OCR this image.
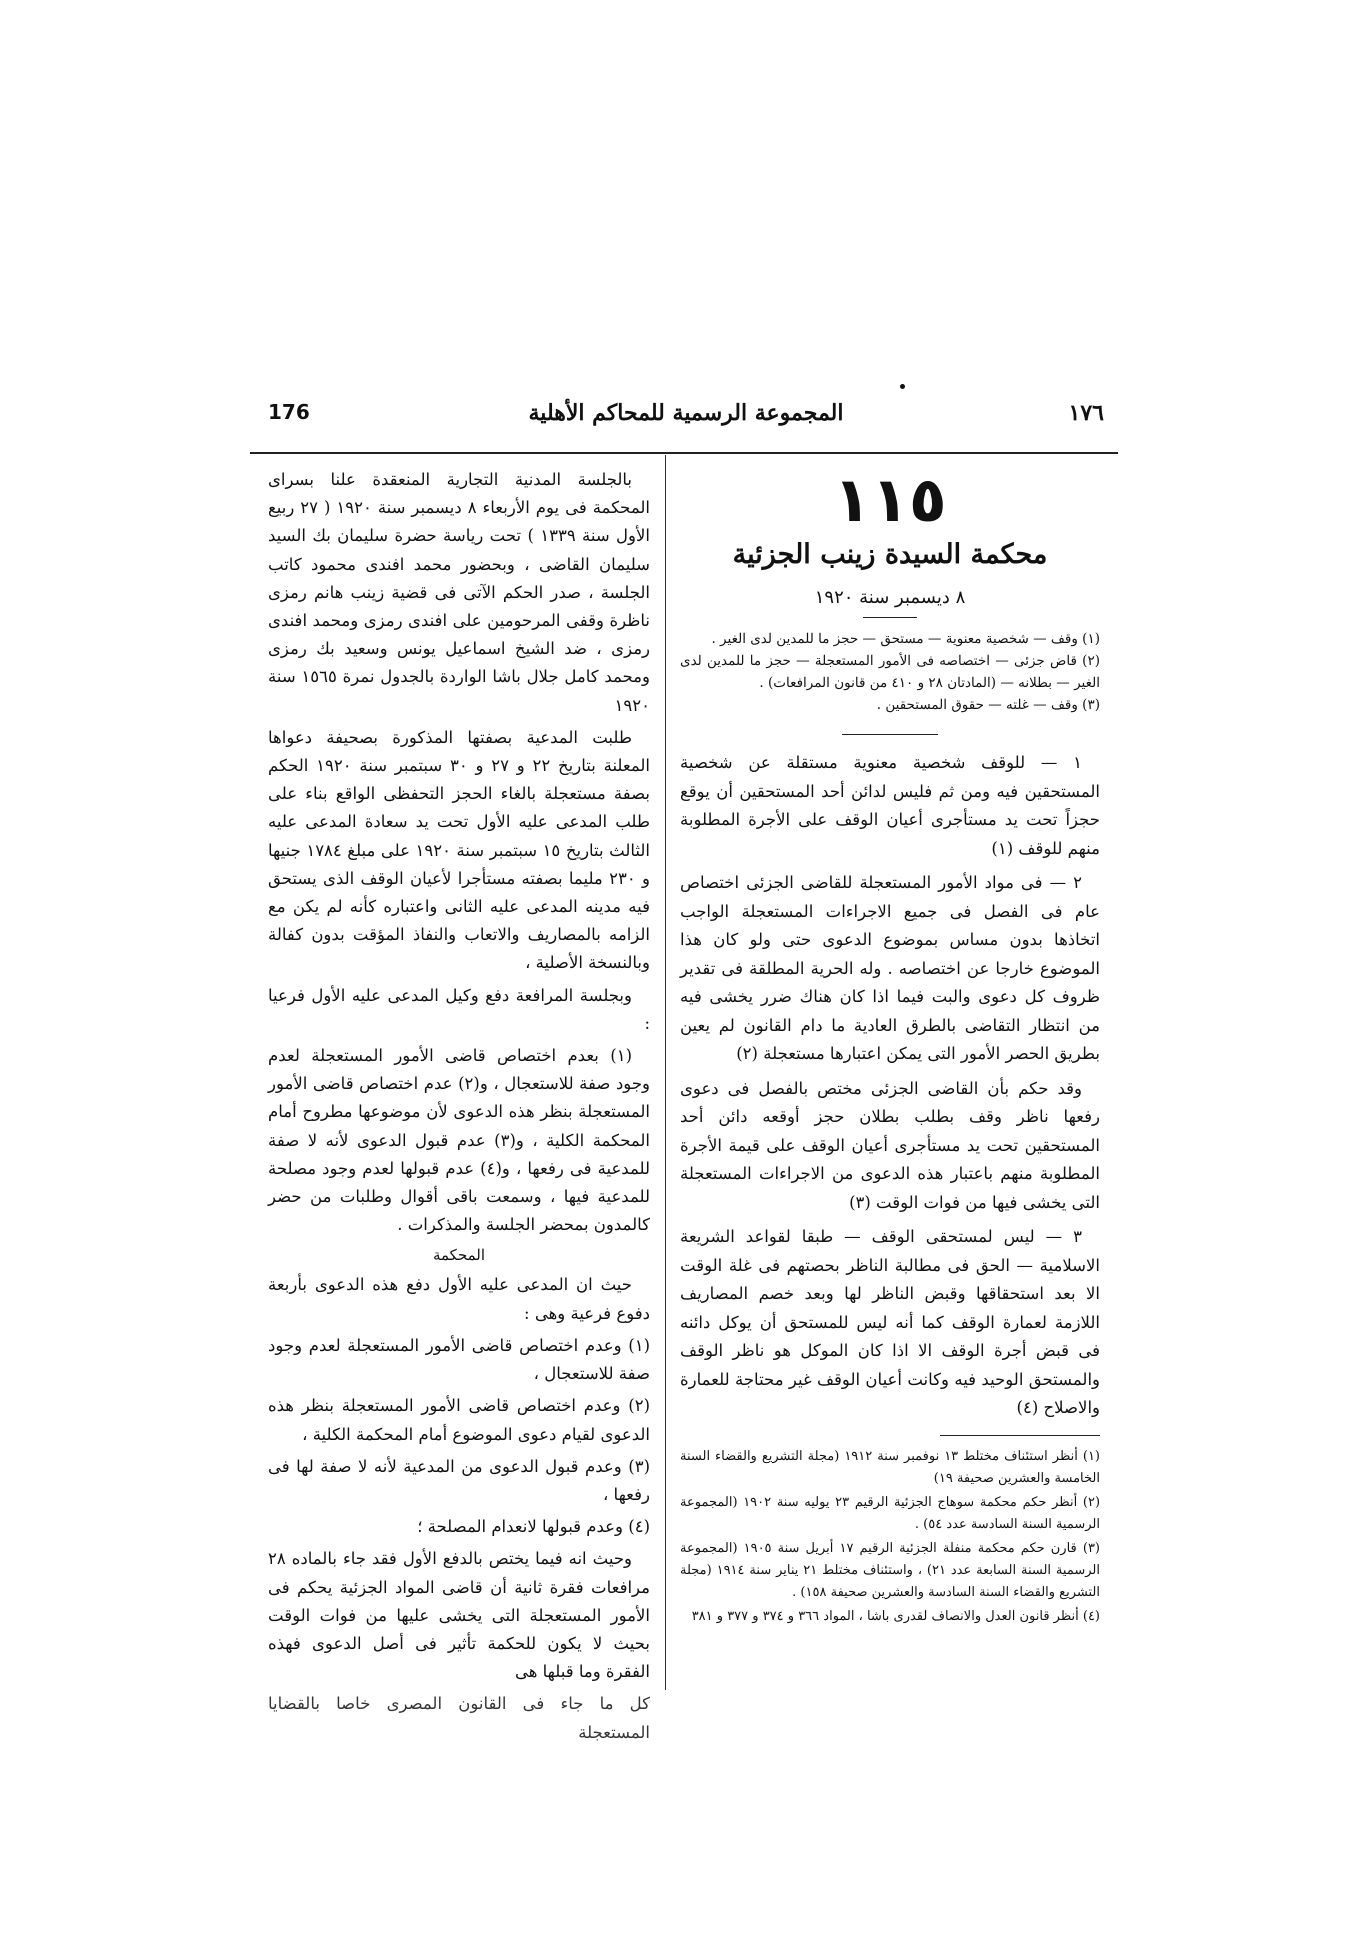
١٧٦
المجموعة الرسمية للمحاكم الأهلية
176
١١٥
محكمة السيدة زينب الجزئية
٨ ديسمبر سنة ١٩٢٠

(١) وقف — شخصية معنوية — مستحق — حجز ما للمدين لدى الغير .

(٢) قاض جزئى — اختصاصه فى الأمور المستعجلة — حجز ما للمدين لدى الغير — بطلانه — (المادتان ٢٨ و ٤١٠ من قانون المرافعات) .

(٣) وقف — غلته — حقوق المستحقين .

١ — للوقف شخصية معنوية مستقلة عن شخصية المستحقين فيه ومن ثم فليس لدائن أحد المستحقين أن يوقع حجزاً تحت يد مستأجرى أعيان الوقف على الأجرة المطلوبة منهم للوقف (١)

٢ — فى مواد الأمور المستعجلة للقاضى الجزئى اختصاص عام فى الفصل فى جميع الاجراءات المستعجلة الواجب اتخاذها بدون مساس بموضوع الدعوى حتى ولو كان هذا الموضوع خارجا عن اختصاصه . وله الحرية المطلقة فى تقدير ظروف كل دعوى والبت فيما اذا كان هناك ضرر يخشى فيه من انتظار التقاضى بالطرق العادية ما دام القانون لم يعين بطريق الحصر الأمور التى يمكن اعتبارها مستعجلة (٢)

وقد حكم بأن القاضى الجزئى مختص بالفصل فى دعوى رفعها ناظر وقف بطلب بطلان حجز أوقعه دائن أحد المستحقين تحت يد مستأجرى أعيان الوقف على قيمة الأجرة المطلوبة منهم باعتبار هذه الدعوى من الاجراءات المستعجلة التى يخشى فيها من فوات الوقت (٣)

٣ — ليس لمستحقى الوقف — طبقا لقواعد الشريعة الاسلامية — الحق فى مطالبة الناظر بحصتهم فى غلة الوقت الا بعد استحقاقها وقبض الناظر لها وبعد خصم المصاريف اللازمة لعمارة الوقف كما أنه ليس للمستحق أن يوكل دائنه فى قبض أجرة الوقف الا اذا كان الموكل هو ناظر الوقف والمستحق الوحيد فيه وكانت أعيان الوقف غير محتاجة للعمارة والاصلاح (٤)

(١) أنظر استئناف مختلط ١٣ نوفمبر سنة ١٩١٢ (مجلة التشريع والقضاء السنة الخامسة والعشرين صحيفة ١٩)

(٢) أنظر حكم محكمة سوهاج الجزئية الرقيم ٢٣ يوليه سنة ١٩٠٢ (المجموعة الرسمية السنة السادسة عدد ٥٤) .

(٣) قارن حكم محكمة منفلة الجزئية الرقيم ١٧ أبريل سنة ١٩٠٥ (المجموعة الرسمية السنة السابعة عدد ٢١) ، واستئناف مختلط ٢١ يناير سنة ١٩١٤ (مجلة التشريع والقضاء السنة السادسة والعشرين صحيفة ١٥٨) .

(٤) أنظر قانون العدل والانصاف لقدرى باشا ، المواد ٣٦٦ و ٣٧٤ و ٣٧٧ و ٣٨١

بالجلسة المدنية التجارية المنعقدة علنا بسراى المحكمة فى يوم الأربعاء ٨ ديسمبر سنة ١٩٢٠ ( ٢٧ ربيع الأول سنة ١٣٣٩ ) تحت رياسة حضرة سليمان بك السيد سليمان القاضى ، وبحضور محمد افندى محمود كاتب الجلسة ، صدر الحكم الآتى فى قضية زينب هانم رمزى ناظرة وقفى المرحومين على افندى رمزى ومحمد افندى رمزى ، ضد الشيخ اسماعيل يونس وسعيد بك رمزى ومحمد كامل جلال باشا الواردة بالجدول نمرة ١٥٦٥ سنة ١٩٢٠

طلبت المدعية بصفتها المذكورة بصحيفة دعواها المعلنة بتاريخ ٢٢ و ٢٧ و ٣٠ سبتمبر سنة ١٩٢٠ الحكم بصفة مستعجلة بالغاء الحجز التحفظى الواقع بناء على طلب المدعى عليه الأول تحت يد سعادة المدعى عليه الثالث بتاريخ ١٥ سبتمبر سنة ١٩٢٠ على مبلغ ١٧٨٤ جنيها و ٢٣٠ مليما بصفته مستأجرا لأعيان الوقف الذى يستحق فيه مدينه المدعى عليه الثانى واعتباره كأنه لم يكن مع الزامه بالمصاريف والاتعاب والنفاذ المؤقت بدون كفالة وبالنسخة الأصلية ،

وبجلسة المرافعة دفع وكيل المدعى عليه الأول فرعيا :

(١) بعدم اختصاص قاضى الأمور المستعجلة لعدم وجود صفة للاستعجال ، و(٢) عدم اختصاص قاضى الأمور المستعجلة بنظر هذه الدعوى لأن موضوعها مطروح أمام المحكمة الكلية ، و(٣) عدم قبول الدعوى لأنه لا صفة للمدعية فى رفعها ، و(٤) عدم قبولها لعدم وجود مصلحة للمدعية فيها ، وسمعت باقى أقوال وطلبات من حضر كالمدون بمحضر الجلسة والمذكرات .

المحكمة

حيث ان المدعى عليه الأول دفع هذه الدعوى بأربعة دفوع فرعية وهى :

(١) وعدم اختصاص قاضى الأمور المستعجلة لعدم وجود صفة للاستعجال ،

(٢) وعدم اختصاص قاضى الأمور المستعجلة بنظر هذه الدعوى لقيام دعوى الموضوع أمام المحكمة الكلية ،

(٣) وعدم قبول الدعوى من المدعية لأنه لا صفة لها فى رفعها ،

(٤) وعدم قبولها لانعدام المصلحة ؛

وحيث انه فيما يختص بالدفع الأول فقد جاء بالماده ٢٨ مرافعات فقرة ثانية أن قاضى المواد الجزئية يحكم فى الأمور المستعجلة التى يخشى عليها من فوات الوقت بحيث لا يكون للحكمة تأثير فى أصل الدعوى فهذه الفقرة وما قبلها هى

كل ما جاء فى القانون المصرى خاصا بالقضايا المستعجلة
